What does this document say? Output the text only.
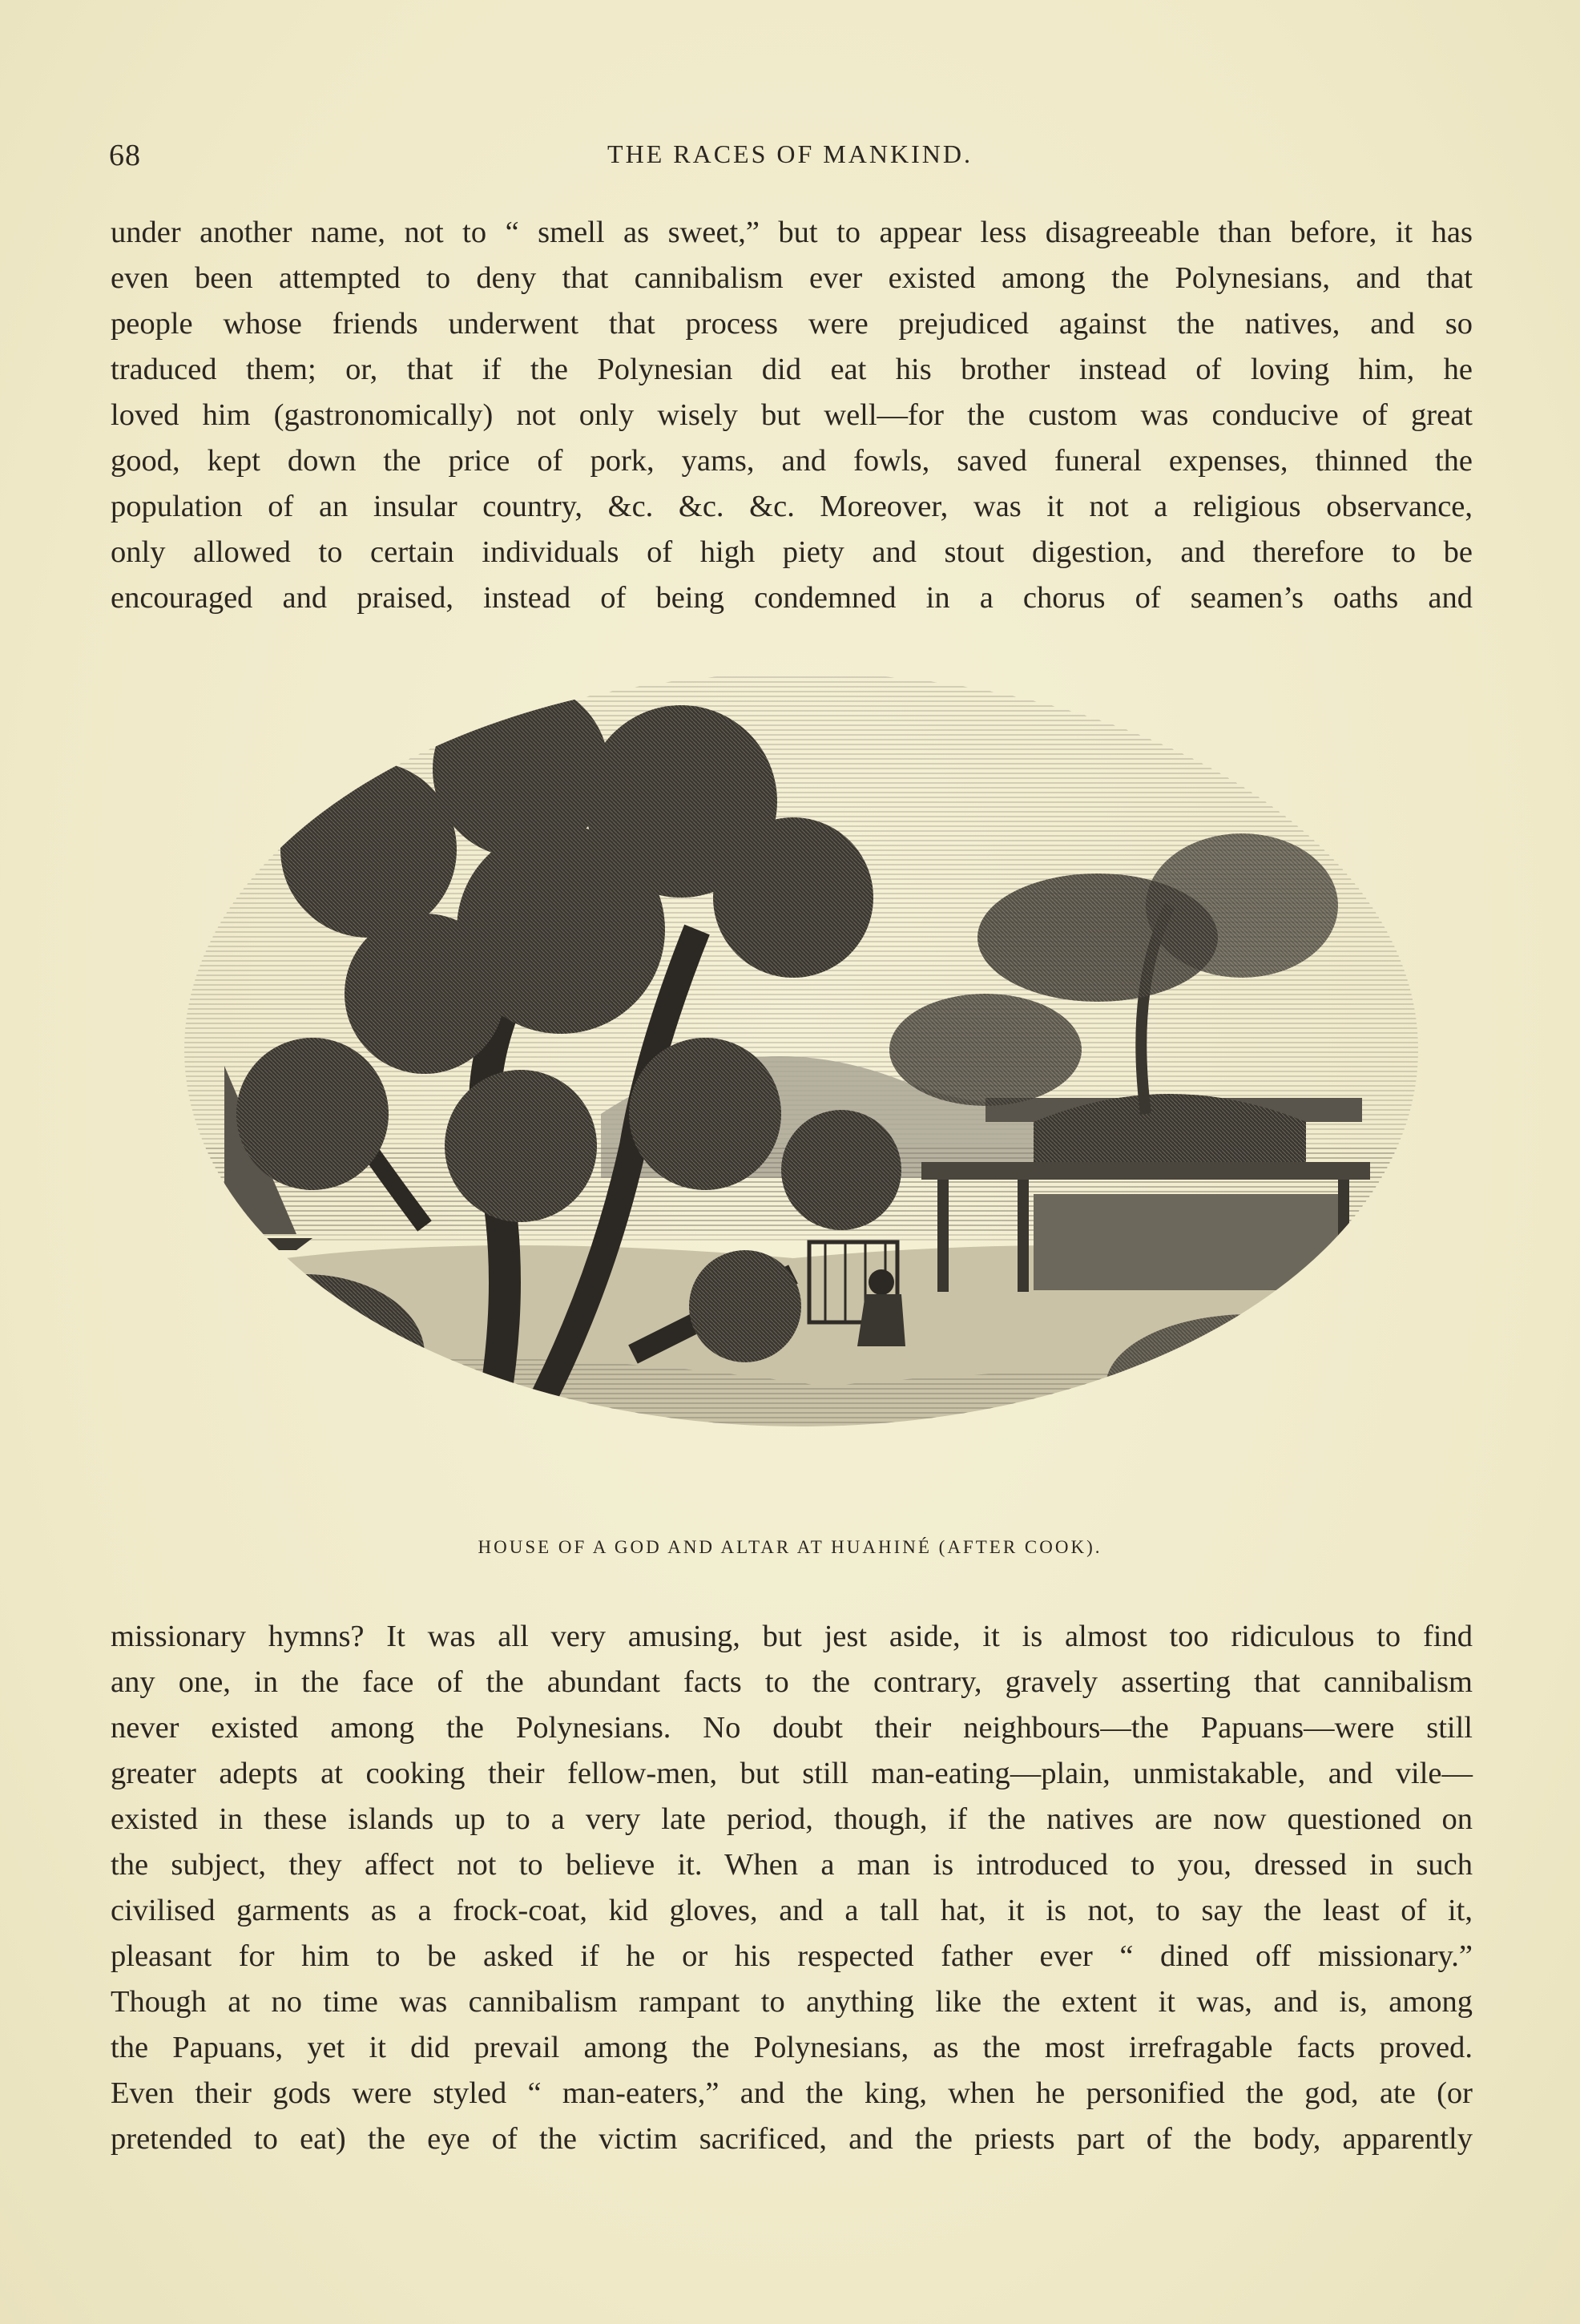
68	THE RACES OF MANKIND.

under another name, not to “ smell as sweet,” but to appear less disagreeable than before, it has
even been attempted to deny that cannibalism ever existed among the Polynesians, and that
people whose friends underwent that process were prejudiced against the natives, and so
traduced them; or, that if the Polynesian did eat his brother instead of loving him, he
loved him (gastronomically) not only wisely but well—for the custom was conducive of great
good, kept down the price of pork, yams, and fowls, saved funeral expenses, thinned the
population of an insular country, &c. &c. &c. Moreover, was it not a religious observance,
only allowed to certain individuals of high piety and stout digestion, and therefore to be
encouraged and praised, instead of being condemned in a chorus of seamen’s oaths and

HOUSE OF A GOD AND ALTAR AT HUAHINÉ (AFTER COOK).

missionary hymns? It was all very amusing, but jest aside, it is almost too ridiculous to find
any one, in the face of the abundant facts to the contrary, gravely asserting that cannibalism
never existed among the Polynesians. No doubt their neighbours—the Papuans—were still
greater adepts at cooking their fellow-men, but still man-eating—plain, unmistakable, and vile—
existed in these islands up to a very late period, though, if the natives are now questioned on
the subject, they affect not to believe it. When a man is introduced to you, dressed in such
civilised garments as a frock-coat, kid gloves, and a tall hat, it is not, to say the least of it,
pleasant for him to be asked if he or his respected father ever “ dined off missionary.”
Though at no time was cannibalism rampant to anything like the extent it was, and is, among
the Papuans, yet it did prevail among the Polynesians, as the most irrefragable facts proved.
Even their gods were styled “ man-eaters,” and the king, when he personified the god, ate (or
pretended to eat) the eye of the victim sacrificed, and the priests part of the body, apparently
